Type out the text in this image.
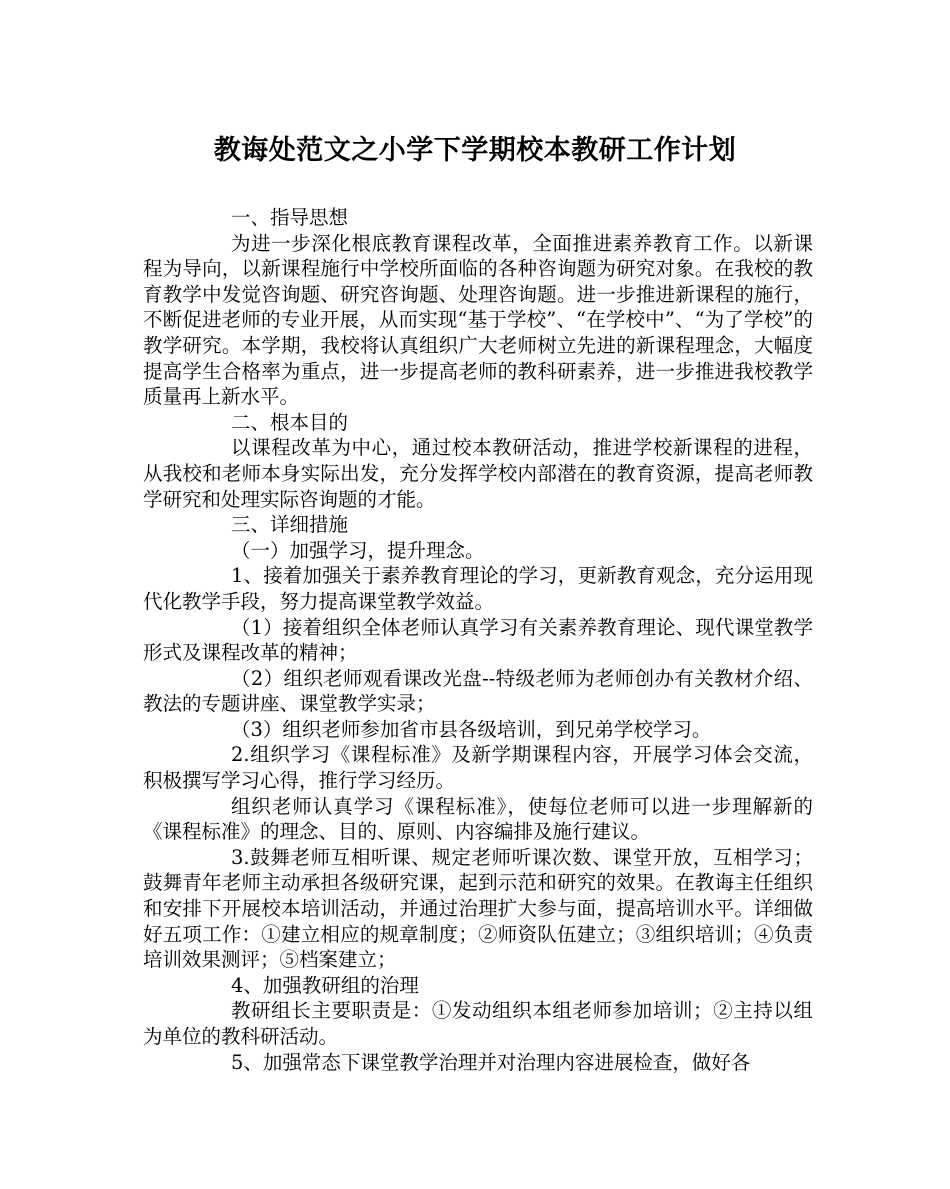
教诲处范文之小学下学期校本教研工作计划

一、指导思想

为进一步深化根底教育课程改革，全面推进素养教育工作。以新课程为导向，以新课程施行中学校所面临的各种咨询题为研究对象。在我校的教育教学中发觉咨询题、研究咨询题、处理咨询题。进一步推进新课程的施行，不断促进老师的专业开展，从而实现“基于学校”、“在学校中”、“为了学校”的教学研究。本学期，我校将认真组织广大老师树立先进的新课程理念，大幅度提高学生合格率为重点，进一步提高老师的教科研素养，进一步推进我校教学质量再上新水平。

二、根本目的

以课程改革为中心，通过校本教研活动，推进学校新课程的进程，从我校和老师本身实际出发，充分发挥学校内部潜在的教育资源，提高老师教学研究和处理实际咨询题的才能。

三、详细措施

（一）加强学习，提升理念。

1、接着加强关于素养教育理论的学习，更新教育观念，充分运用现代化教学手段，努力提高课堂教学效益。

（1）接着组织全体老师认真学习有关素养教育理论、现代课堂教学形式及课程改革的精神；

（2）组织老师观看课改光盘--特级老师为老师创办有关教材介绍、教法的专题讲座、课堂教学实录；

（3）组织老师参加省市县各级培训，到兄弟学校学习。

2.组织学习《课程标准》及新学期课程内容，开展学习体会交流，积极撰写学习心得，推行学习经历。

组织老师认真学习《课程标准》，使每位老师可以进一步理解新的《课程标准》的理念、目的、原则、内容编排及施行建议。

3.鼓舞老师互相听课、规定老师听课次数、课堂开放，互相学习；鼓舞青年老师主动承担各级研究课，起到示范和研究的效果。在教诲主任组织和安排下开展校本培训活动，并通过治理扩大参与面，提高培训水平。详细做好五项工作：①建立相应的规章制度；②师资队伍建立；③组织培训；④负责培训效果测评；⑤档案建立；

4、加强教研组的治理

教研组长主要职责是：①发动组织本组老师参加培训；②主持以组为单位的教科研活动。

5、加强常态下课堂教学治理并对治理内容进展检查，做好各
